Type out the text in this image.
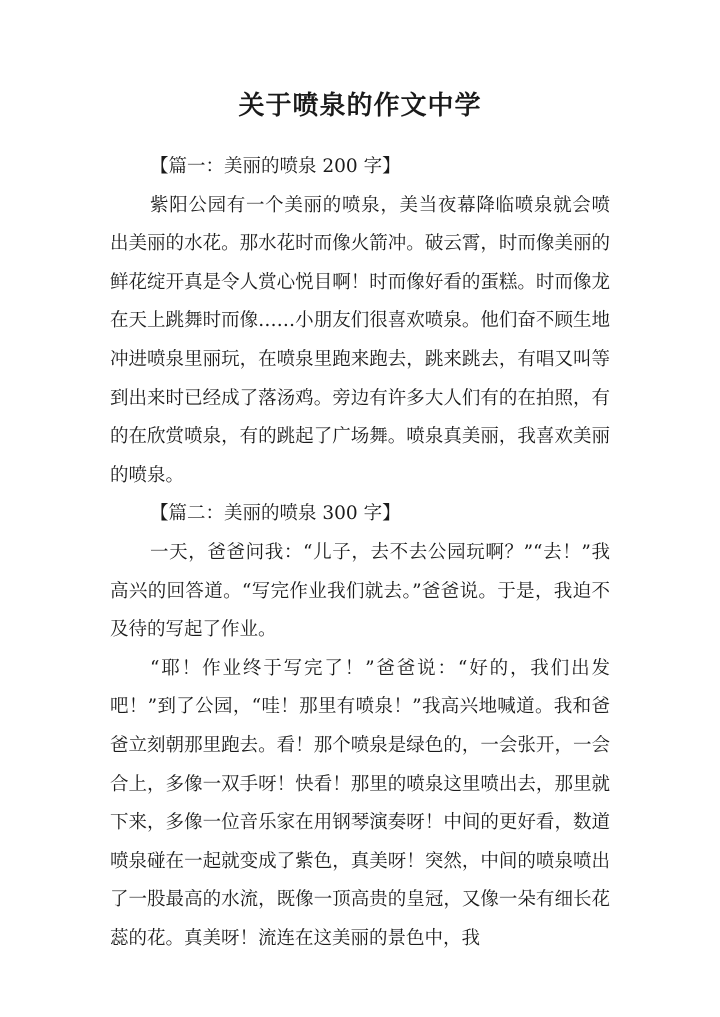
关于喷泉的作文中学

【篇一：美丽的喷泉 200 字】

紫阳公园有一个美丽的喷泉，美当夜幕降临喷泉就会喷出美丽的水花。那水花时而像火箭冲。破云霄，时而像美丽的鲜花绽开真是令人赏心悦目啊！时而像好看的蛋糕。时而像龙在天上跳舞时而像……小朋友们很喜欢喷泉。他们奋不顾生地冲进喷泉里丽玩，在喷泉里跑来跑去，跳来跳去，有唱又叫等到出来时已经成了落汤鸡。旁边有许多大人们有的在拍照，有的在欣赏喷泉，有的跳起了广场舞。喷泉真美丽，我喜欢美丽的喷泉。

【篇二：美丽的喷泉 300 字】

一天，爸爸问我：“儿子，去不去公园玩啊？”“去！”我高兴的回答道。“写完作业我们就去。”爸爸说。于是，我迫不及待的写起了作业。

“耶！作业终于写完了！”爸爸说：“好的，我们出发吧！”到了公园，“哇！那里有喷泉！”我高兴地喊道。我和爸爸立刻朝那里跑去。看！那个喷泉是绿色的，一会张开，一会合上，多像一双手呀！快看！那里的喷泉这里喷出去，那里就下来，多像一位音乐家在用钢琴演奏呀！中间的更好看，数道喷泉碰在一起就变成了紫色，真美呀！突然，中间的喷泉喷出了一股最高的水流，既像一顶高贵的皇冠，又像一朵有细长花蕊的花。真美呀！流连在这美丽的景色中，我
